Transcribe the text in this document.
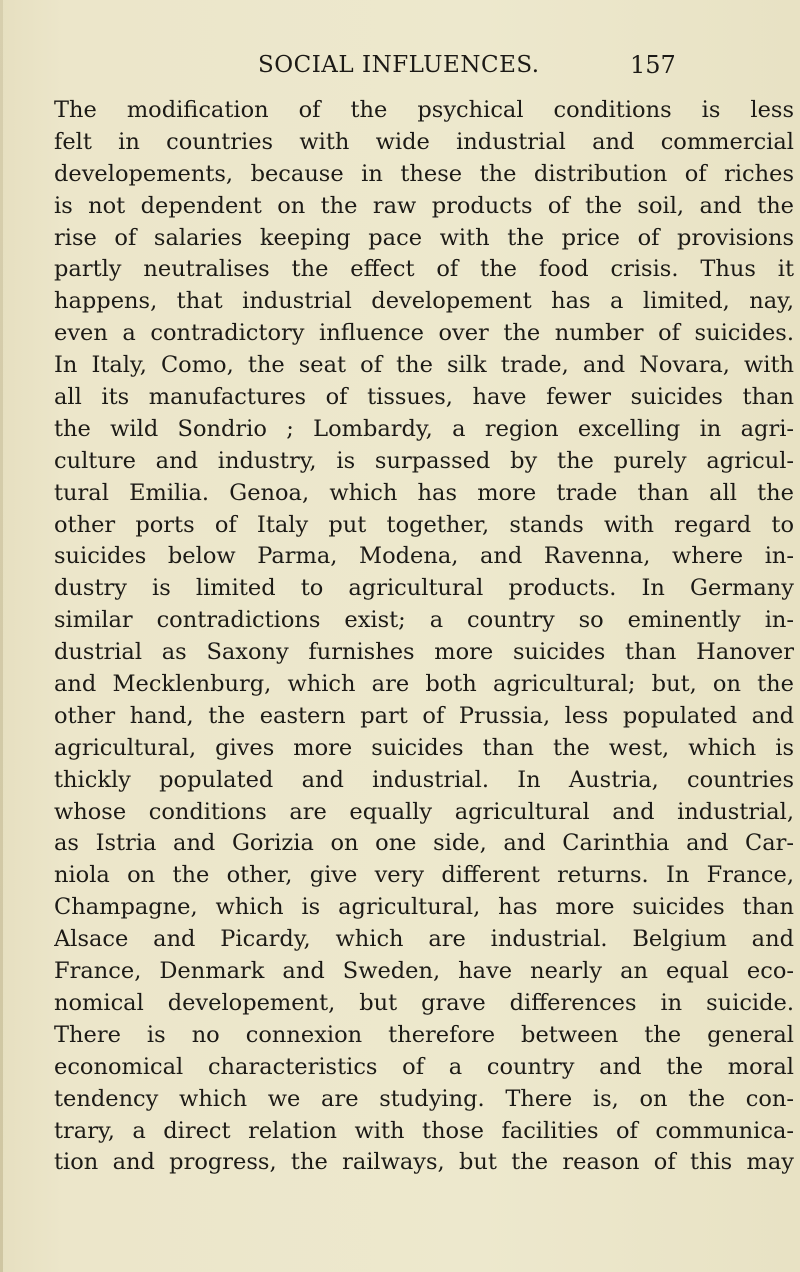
SOCIAL INFLUENCES.	157
The modification of the psychical conditions is less
felt in countries with wide industrial and commercial
developements, because in these the distribution of riches
is not dependent on the raw products of the soil, and the
rise of salaries keeping pace with the price of provisions
partly neutralises the effect of the food crisis. Thus it
happens, that industrial developement has a limited, nay,
even a contradictory influence over the number of suicides.
In Italy, Como, the seat of the silk trade, and Novara, with
all its manufactures of tissues, have fewer suicides than
the wild Sondrio ; Lombardy, a region excelling in agri-
culture and industry, is surpassed by the purely agricul-
tural Emilia. Genoa, which has more trade than all the
other ports of Italy put together, stands with regard to
suicides below Parma, Modena, and Ravenna, where in-
dustry is limited to agricultural products. In Germany
similar contradictions exist; a country so eminently in-
dustrial as Saxony furnishes more suicides than Hanover
and Mecklenburg, which are both agricultural; but, on the
other hand, the eastern part of Prussia, less populated and
agricultural, gives more suicides than the west, which is
thickly populated and industrial. In Austria, countries
whose conditions are equally agricultural and industrial,
as Istria and Gorizia on one side, and Carinthia and Car-
niola on the other, give very different returns. In France,
Champagne, which is agricultural, has more suicides than
Alsace and Picardy, which are industrial. Belgium and
France, Denmark and Sweden, have nearly an equal eco-
nomical developement, but grave differences in suicide.
There is no connexion therefore between the general
economical characteristics of a country and the moral
tendency which we are studying. There is, on the con-
trary, a direct relation with those facilities of communica-
tion and progress, the railways, but the reason of this may
